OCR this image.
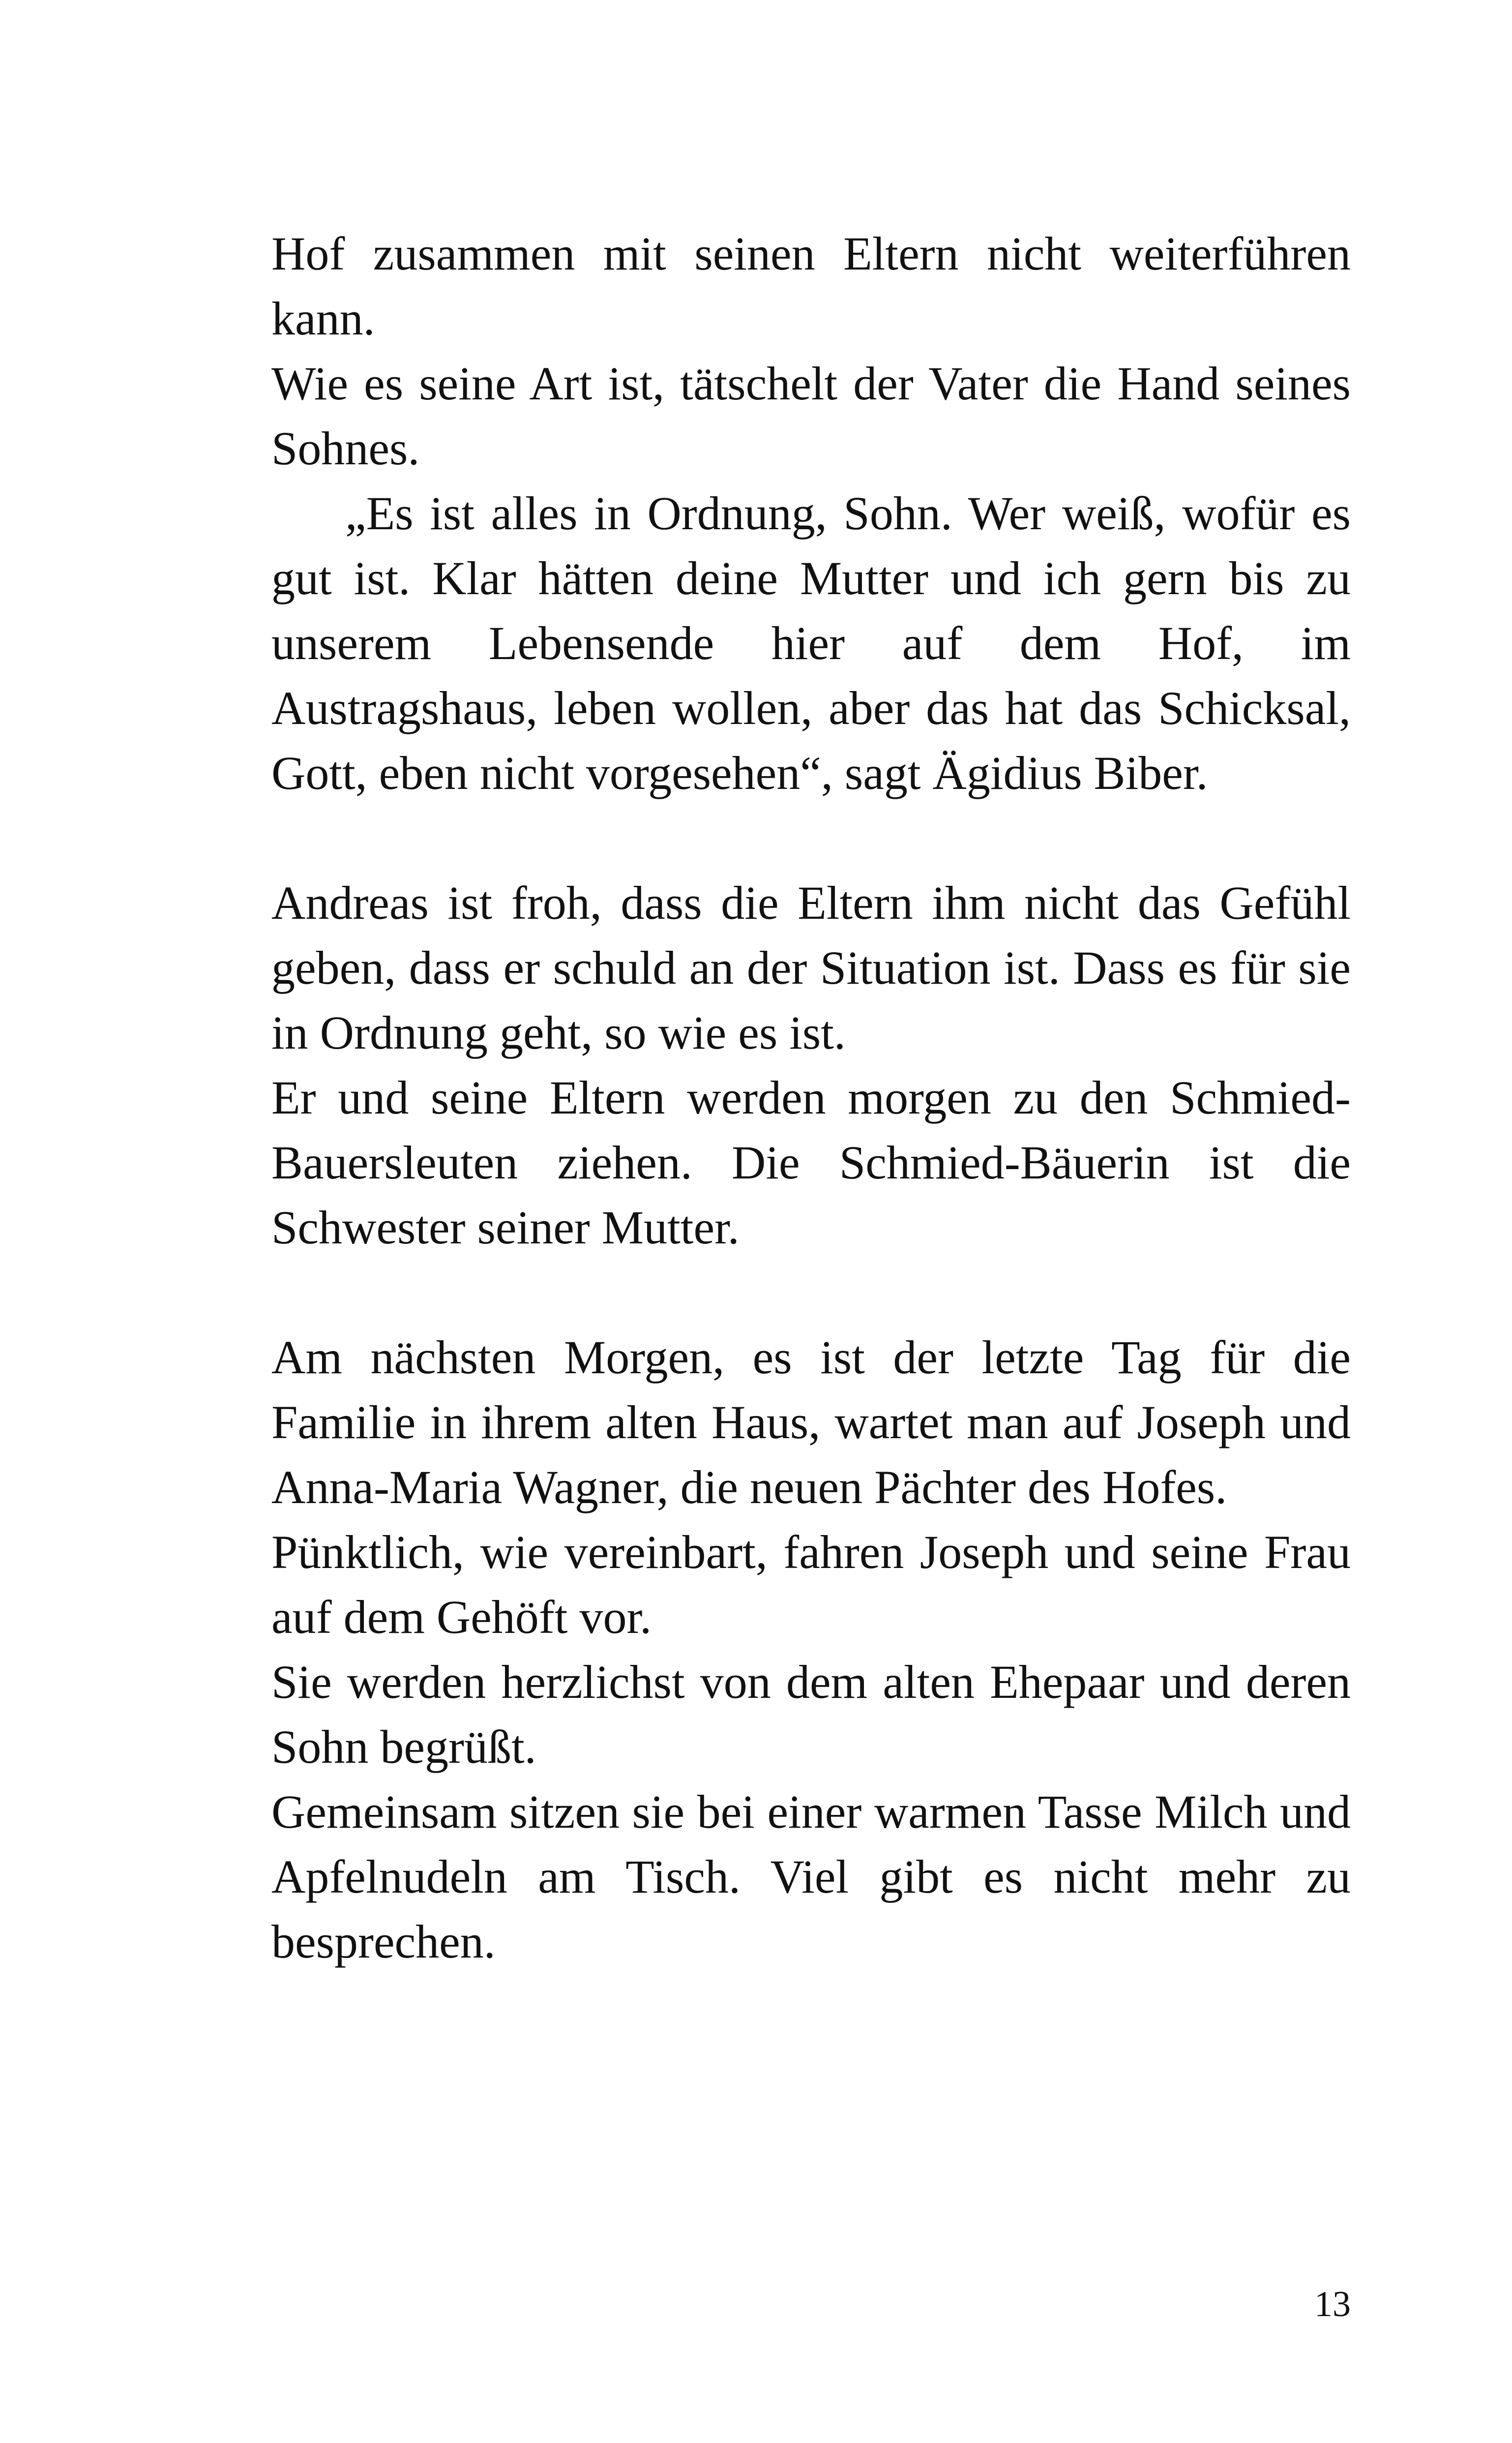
Hof zusammen mit seinen Eltern nicht weiterführen kann.

Wie es seine Art ist, tätschelt der Vater die Hand seines Sohnes.

„Es ist alles in Ordnung, Sohn. Wer weiß, wofür es gut ist. Klar hätten deine Mutter und ich gern bis zu unserem Lebensende hier auf dem Hof, im Austragshaus, leben wollen, aber das hat das Schicksal, Gott, eben nicht vorgesehen“, sagt Ägidius Biber.

Andreas ist froh, dass die Eltern ihm nicht das Gefühl geben, dass er schuld an der Situation ist. Dass es für sie in Ordnung geht, so wie es ist.

Er und seine Eltern werden morgen zu den Schmied-Bauersleuten ziehen. Die Schmied-Bäuerin ist die Schwester seiner Mutter.

Am nächsten Morgen, es ist der letzte Tag für die Familie in ihrem alten Haus, wartet man auf Joseph und Anna-Maria Wagner, die neuen Pächter des Hofes.

Pünktlich, wie vereinbart, fahren Joseph und seine Frau auf dem Gehöft vor.

Sie werden herzlichst von dem alten Ehepaar und deren Sohn begrüßt.

Gemeinsam sitzen sie bei einer warmen Tasse Milch und Apfelnudeln am Tisch. Viel gibt es nicht mehr zu besprechen.

13
